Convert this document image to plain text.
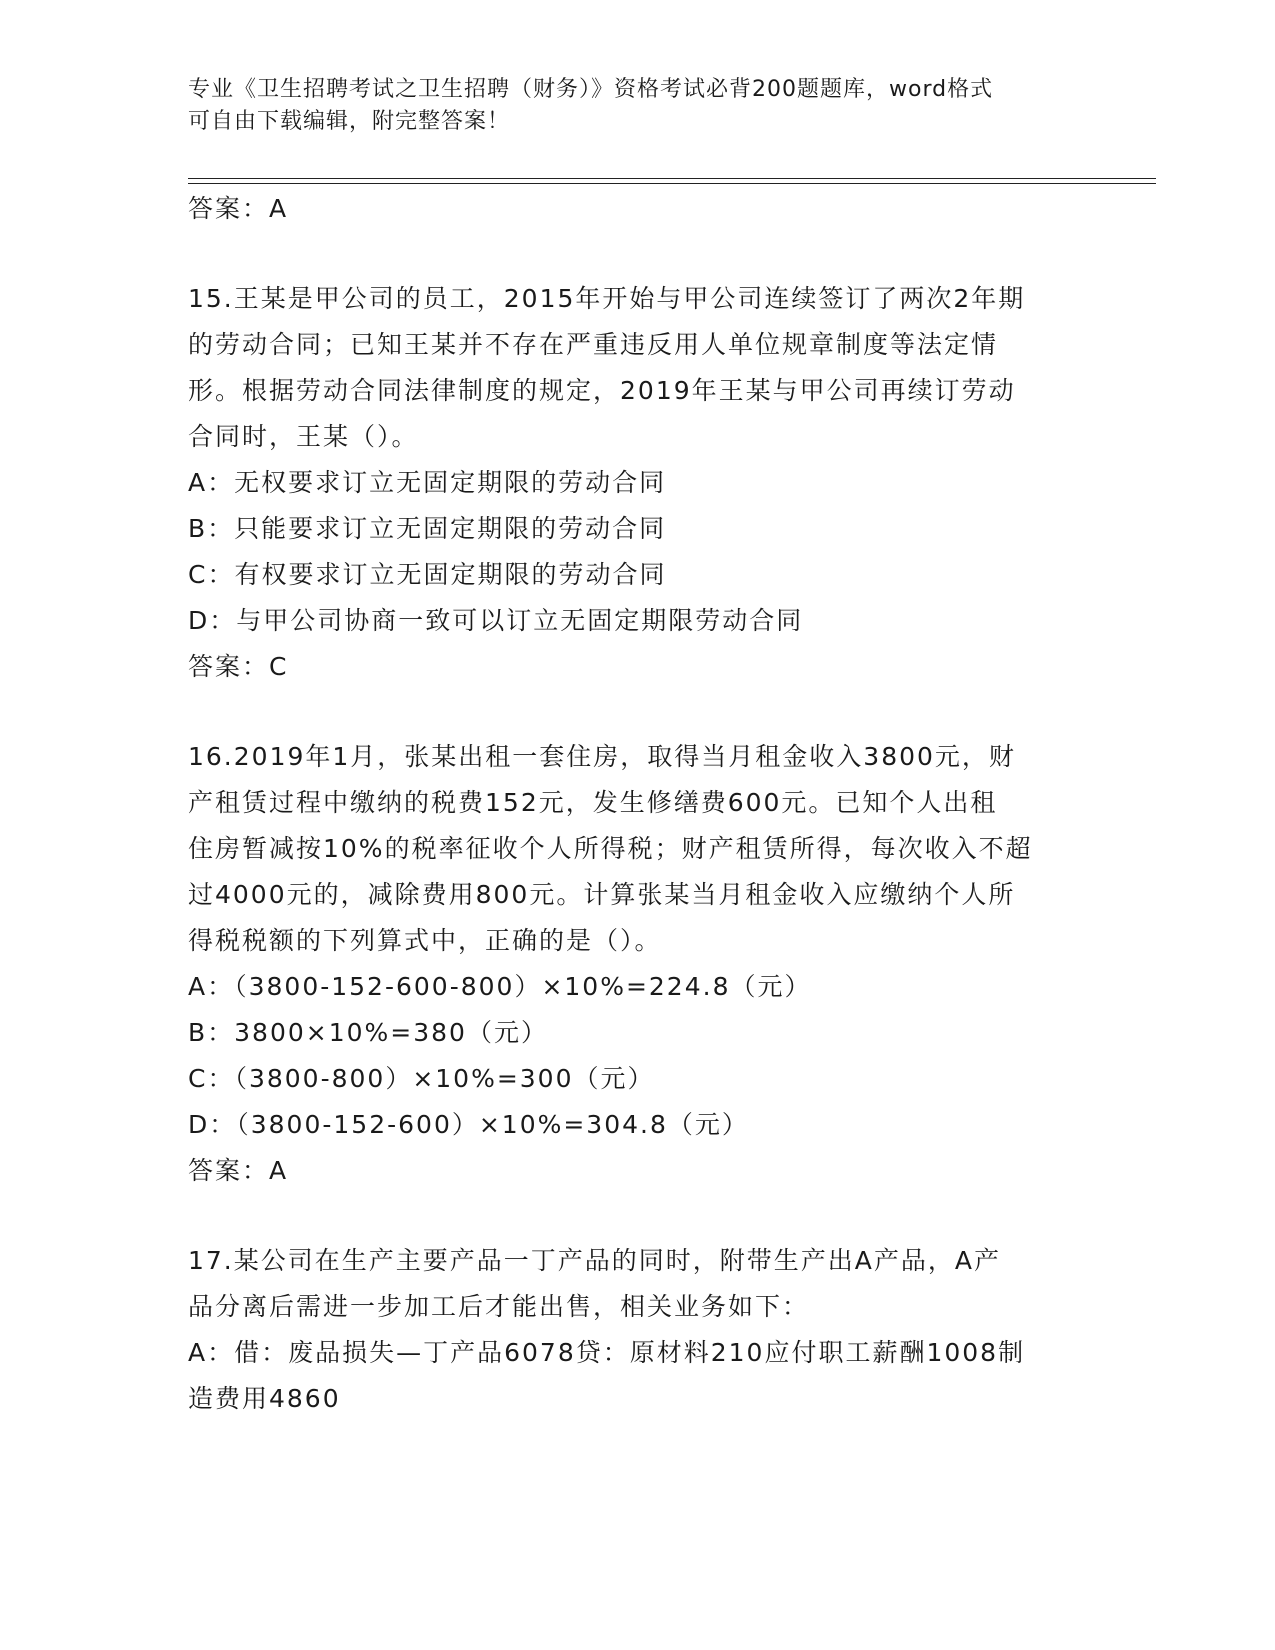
专业《卫生招聘考试之卫生招聘（财务）》资格考试必背200题题库，word格式
可自由下载编辑，附完整答案！
答案：A
15.王某是甲公司的员工，2015年开始与甲公司连续签订了两次2年期
的劳动合同；已知王某并不存在严重违反用人单位规章制度等法定情
形。根据劳动合同法律制度的规定，2019年王某与甲公司再续订劳动
合同时，王某（）。
A：无权要求订立无固定期限的劳动合同
B：只能要求订立无固定期限的劳动合同
C：有权要求订立无固定期限的劳动合同
D：与甲公司协商一致可以订立无固定期限劳动合同
答案：C
16.2019年1月，张某出租一套住房，取得当月租金收入3800元，财
产租赁过程中缴纳的税费152元，发生修缮费600元。已知个人出租
住房暂减按10%的税率征收个人所得税；财产租赁所得，每次收入不超
过4000元的，减除费用800元。计算张某当月租金收入应缴纳个人所
得税税额的下列算式中，正确的是（）。
A：（3800-152-600-800）×10%=224.8（元）
B：3800×10%=380（元）
C：（3800-800）×10%=300（元）
D：（3800-152-600）×10%=304.8（元）
答案：A
17.某公司在生产主要产品一丁产品的同时，附带生产出A产品，A产
品分离后需进一步加工后才能出售，相关业务如下：
A：借：废品损失—丁产品6078贷：原材料210应付职工薪酬1008制
造费用4860
